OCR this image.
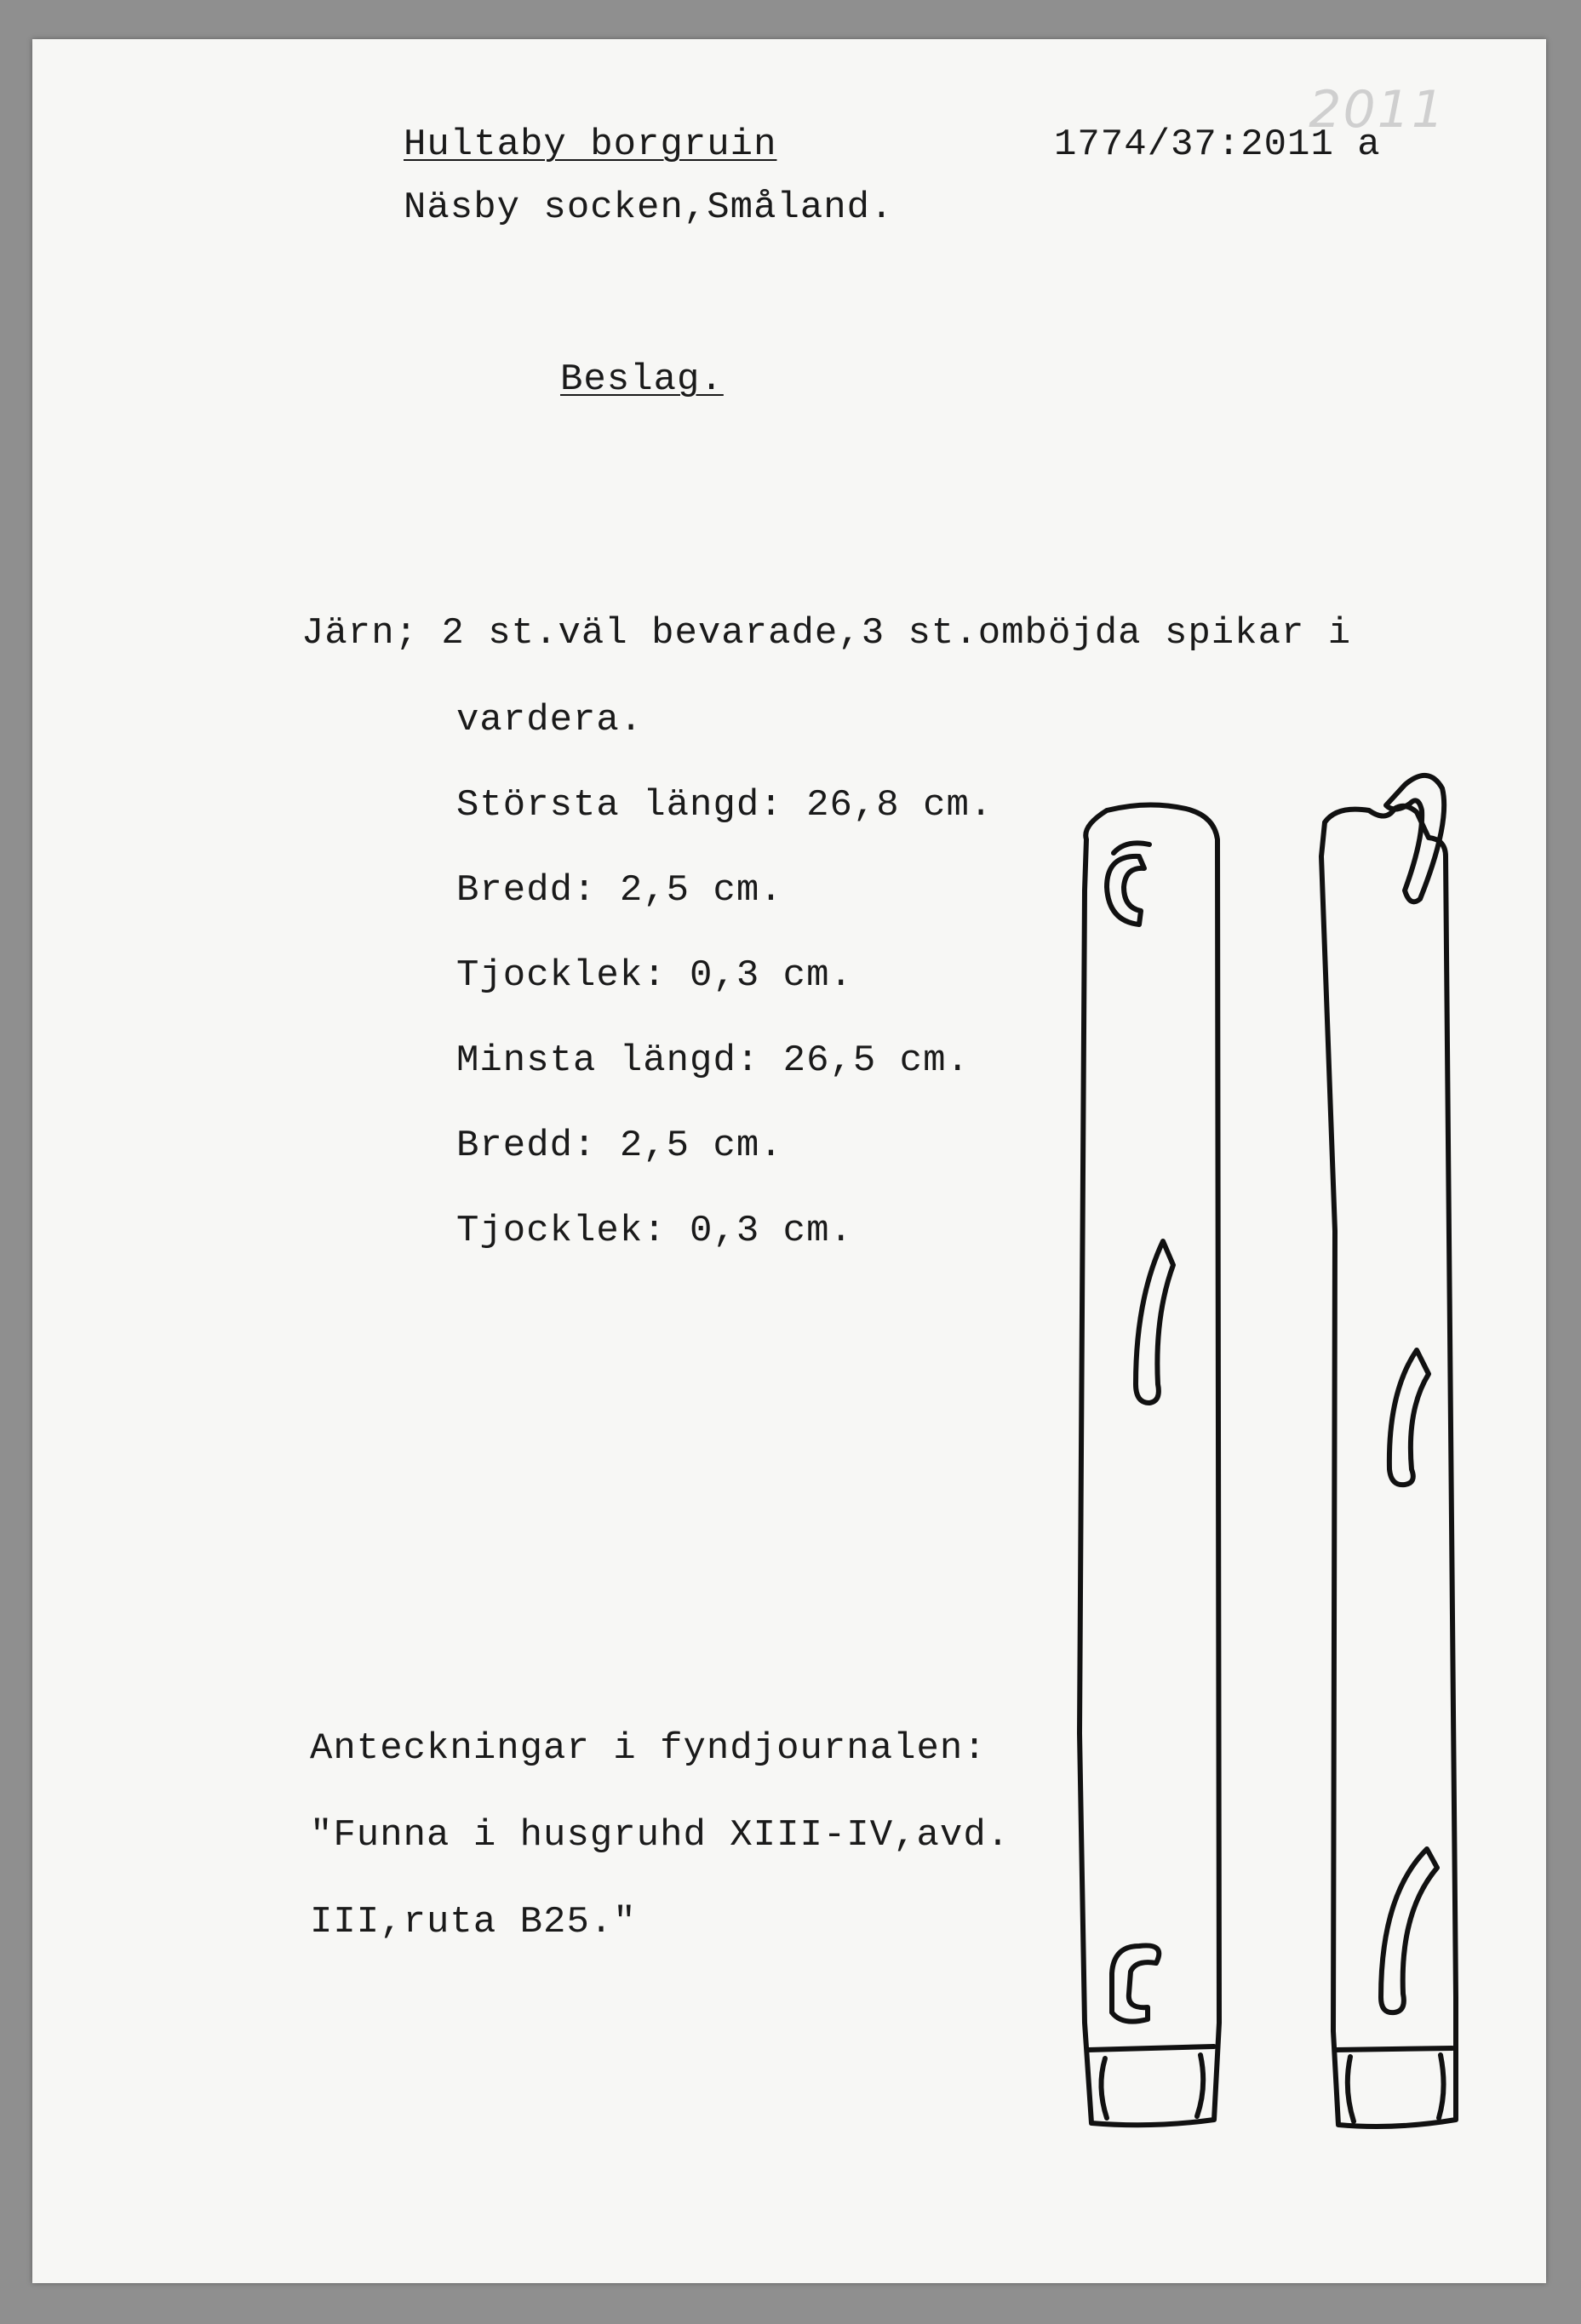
Hultaby borgruin
Näsby socken,Småland.
1774/37:2011 a
2011
Beslag.
Järn; 2 st.väl bevarade,3 st.omböjda spikar i
vardera.
Största längd: 26,8 cm.
Bredd: 2,5 cm.
Tjocklek: 0,3 cm.
Minsta längd: 26,5 cm.
Bredd: 2,5 cm.
Tjocklek: 0,3 cm.
Anteckningar i fyndjournalen:
"Funna i husgruhd XIII-IV,avd.
III,ruta B25."
